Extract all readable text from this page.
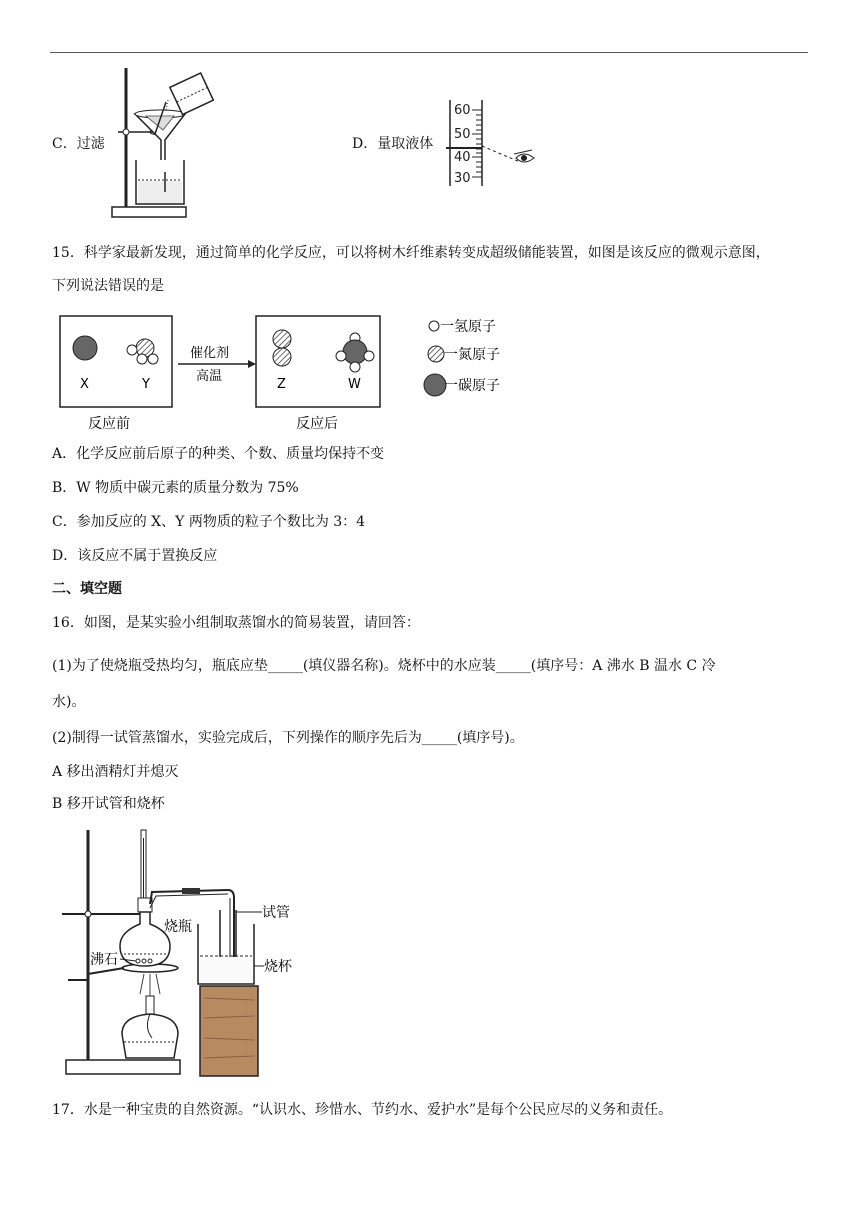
C．过滤	D．量取液体
60
50
40
30
15．科学家最新发现，通过简单的化学反应，可以将树木纤维素转变成超级储能装置，如图是该反应的微观示意图，
下列说法错误的是
X	Y
反应前
催化剂
高温
Z	W
反应后
一氢原子
一氮原子
一碳原子
A．化学反应前后原子的种类、个数、质量均保持不变
B．W 物质中碳元素的质量分数为 75%
C．参加反应的 X、Y 两物质的粒子个数比为 3：4
D．该反应不属于置换反应
二、填空题
16．如图，是某实验小组制取蒸馏水的简易装置，请回答：
(1)为了使烧瓶受热均匀，瓶底应垫_____(填仪器名称)。烧杯中的水应装_____(填序号：A 沸水 B 温水 C 冷
水)。
(2)制得一试管蒸馏水，实验完成后，下列操作的顺序先后为_____(填序号)。
A 移出酒精灯并熄灭
B 移开试管和烧杯
烧瓶
沸石
试管
烧杯
17．水是一种宝贵的自然资源。“认识水、珍惜水、节约水、爱护水”是每个公民应尽的义务和责任。
